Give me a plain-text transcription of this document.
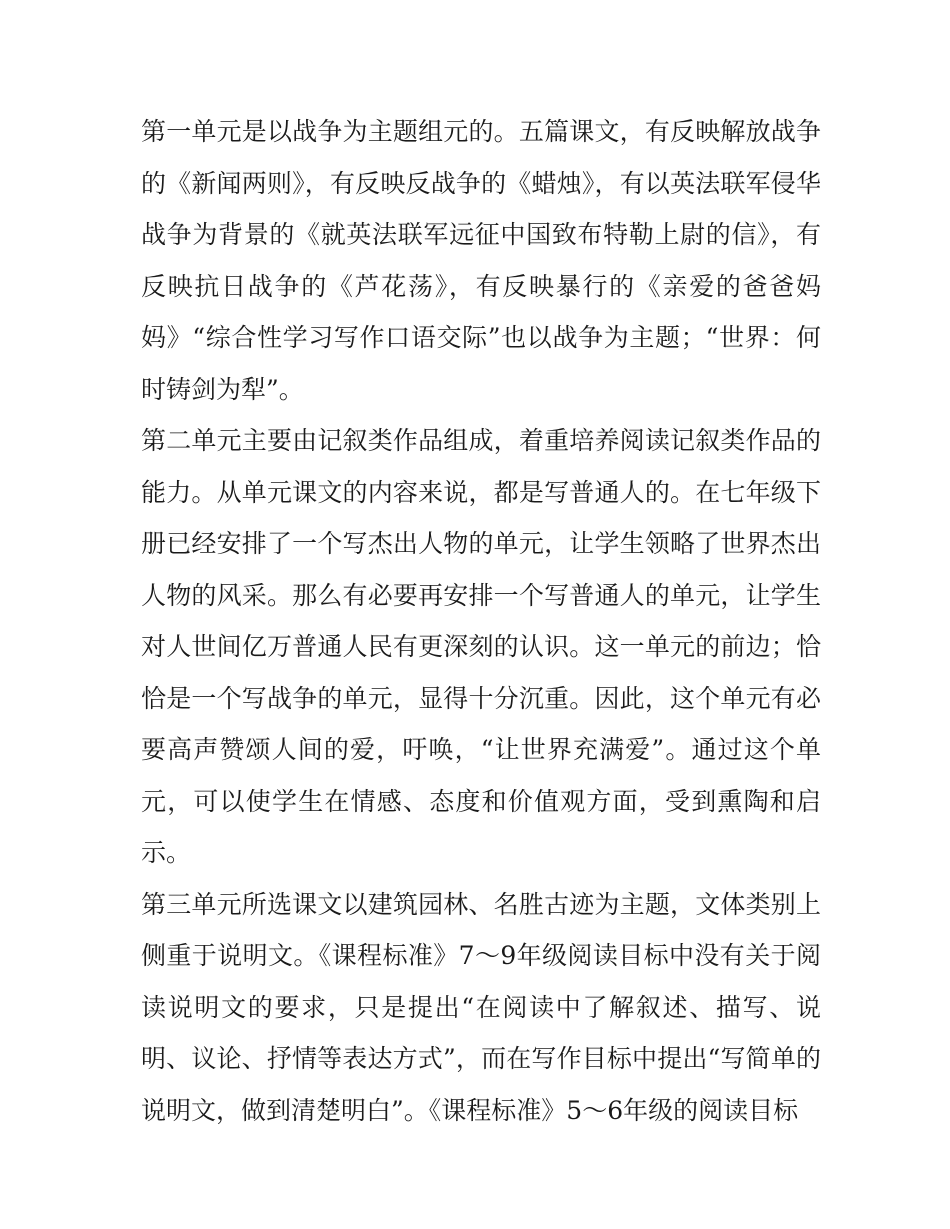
第一单元是以战争为主题组元的。五篇课文，有反映解放战争的《新闻两则》，有反映反战争的《蜡烛》，有以英法联军侵华战争为背景的《就英法联军远征中国致布特勒上尉的信》，有反映抗日战争的《芦花荡》，有反映暴行的《亲爱的爸爸妈妈》“综合性学习写作口语交际”也以战争为主题；“世界：何时铸剑为犁”。

第二单元主要由记叙类作品组成，着重培养阅读记叙类作品的能力。从单元课文的内容来说，都是写普通人的。在七年级下册已经安排了一个写杰出人物的单元，让学生领略了世界杰出人物的风采。那么有必要再安排一个写普通人的单元，让学生对人世间亿万普通人民有更深刻的认识。这一单元的前边；恰恰是一个写战争的单元，显得十分沉重。因此，这个单元有必要高声赞颂人间的爱，吁唤，“让世界充满爱”。通过这个单元，可以使学生在情感、态度和价值观方面，受到熏陶和启示。

第三单元所选课文以建筑园林、名胜古迹为主题，文体类别上侧重于说明文。《课程标准》7～9年级阅读目标中没有关于阅读说明文的要求，只是提出“在阅读中了解叙述、描写、说明、议论、抒情等表达方式”，而在写作目标中提出“写简单的说明文，做到清楚明白”。《课程标准》5～6年级的阅读目标
